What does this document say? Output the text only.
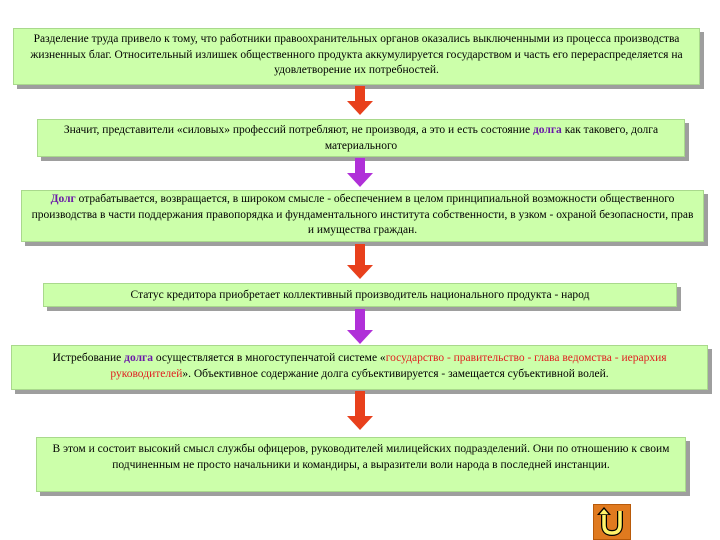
Разделение труда привело к тому, что работники правоохранительных органов оказались выключенными из процесса производства жизненных благ. Относительный излишек общественного продукта аккумулируется государством и часть его перераспределяется на удовлетворение их потребностей.
Значит, представители «силовых» профессий потребляют, не производя, а это и есть состояние долга как таковего, долга материального
Долг отрабатывается, возвращается, в широком смысле - обеспечением в целом принципиальной возможности общественного производства в части поддержания правопорядка и фундаментального института собственности, в узком - охраной безопасности, прав и имущества граждан.
Статус кредитора приобретает коллективный производитель национального продукта - народ
Истребование долга осуществляется в многоступенчатой системе «государство - правительство - глава ведомства - иерархия руководителей». Объективное содержание долга субъективируется - замещается субъективной волей.
В этом и состоит высокий смысл службы офицеров, руководителей милицейских подразделений. Они по отношению к своим подчиненным не просто начальники и командиры, а выразители воли народа в последней инстанции.
